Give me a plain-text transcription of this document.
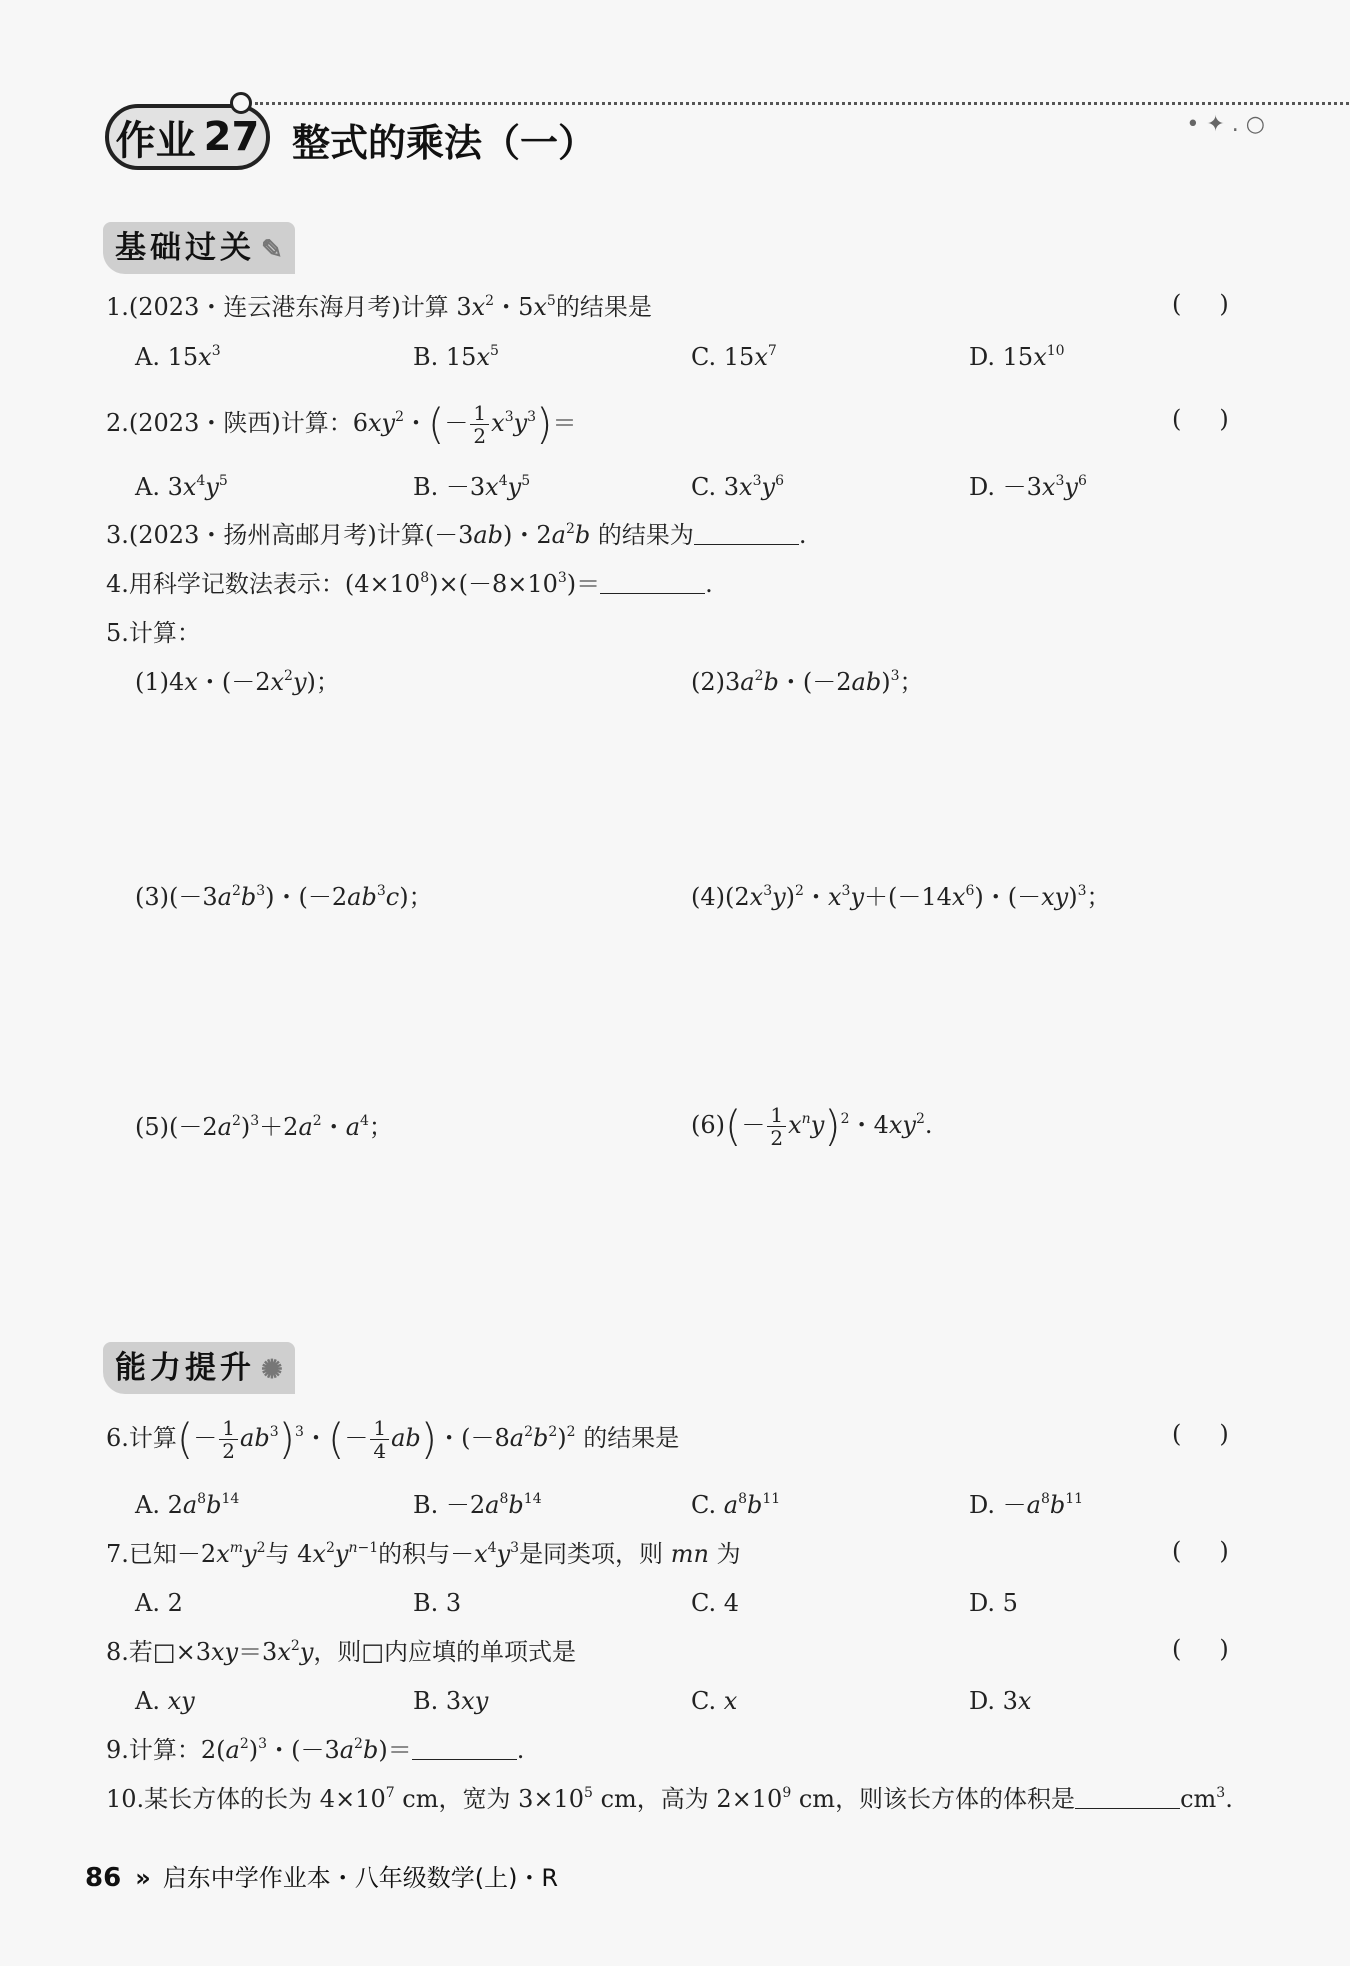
作业 27 整式的乘法（一）	• ✦ . ○
基础过关 ✎
1.(2023・连云港东海月考)计算 $3x^2$・$5x^5$的结果是	()
A. $15x^3$	B. $15x^5$	C. $15x^7$	D. $15x^{10}$
2.(2023・陕西)计算：$6xy^2$・(－ $\frac{1}{2} x^3y^3)=$	()
A. $3x^4y^5$	B. $-3x^4y^5$	C. $3x^3y^6$	D. $-3x^3y^6$
3.(2023・扬州高邮月考)计算(－3ab)・$2a^2b$ 的结果为	.
4.用科学记数法表示：$(4\times 10^8)\times(-8\times 10^3)=$	.
5.计算：
(1)4x・$(-2x^2y)$；	$(2)3a^2b$・$(-2ab)^3$；
$(3)(-3a^2b^3)$・$(-2ab^3c)$；	$(4)(2x^3y)^2$・$x^3y+(-14x^6)$・$(-xy)^3$；
$(5)(-2a^2)^3+2a^2$・$a^4$；	$(6)(- \frac{1}{2} x^ny)^2$・$4xy^2$.
能力提升 ✺
6.计算(－ $\frac{1}{2} ab^3)^3$・(－ $\frac{1}{4} ab$)・$(-8a^2b^2)^2$ 的结果是	()
A. $2a^8b^{14}$	B. $-2a^8b^{14}$	C. $a^8b^{11}$	D. $-a^8b^{11}$
7.已知$-2x^my^2$与 $4x^2y^{n-1}$的积与$-x^4y^3$是同类项，则 mn 为	()
A. 2	B. 3	C. 4	D. 5
8.若$□\times 3xy=3x^2y$，则□内应填的单项式是	()
A. xy	B. 3xy	C. x	D. 3x
9.计算：$2(a^2)^3$・$(-3a^2b)=$	.
10.某长方体的长为 $4\times 10^7$ cm，宽为 $3\times 10^5$ cm，高为 $2\times 10^9$ cm，则该长方体的体积是	$cm^3$.
86 » 启东中学作业本・八年级数学(上)・R
